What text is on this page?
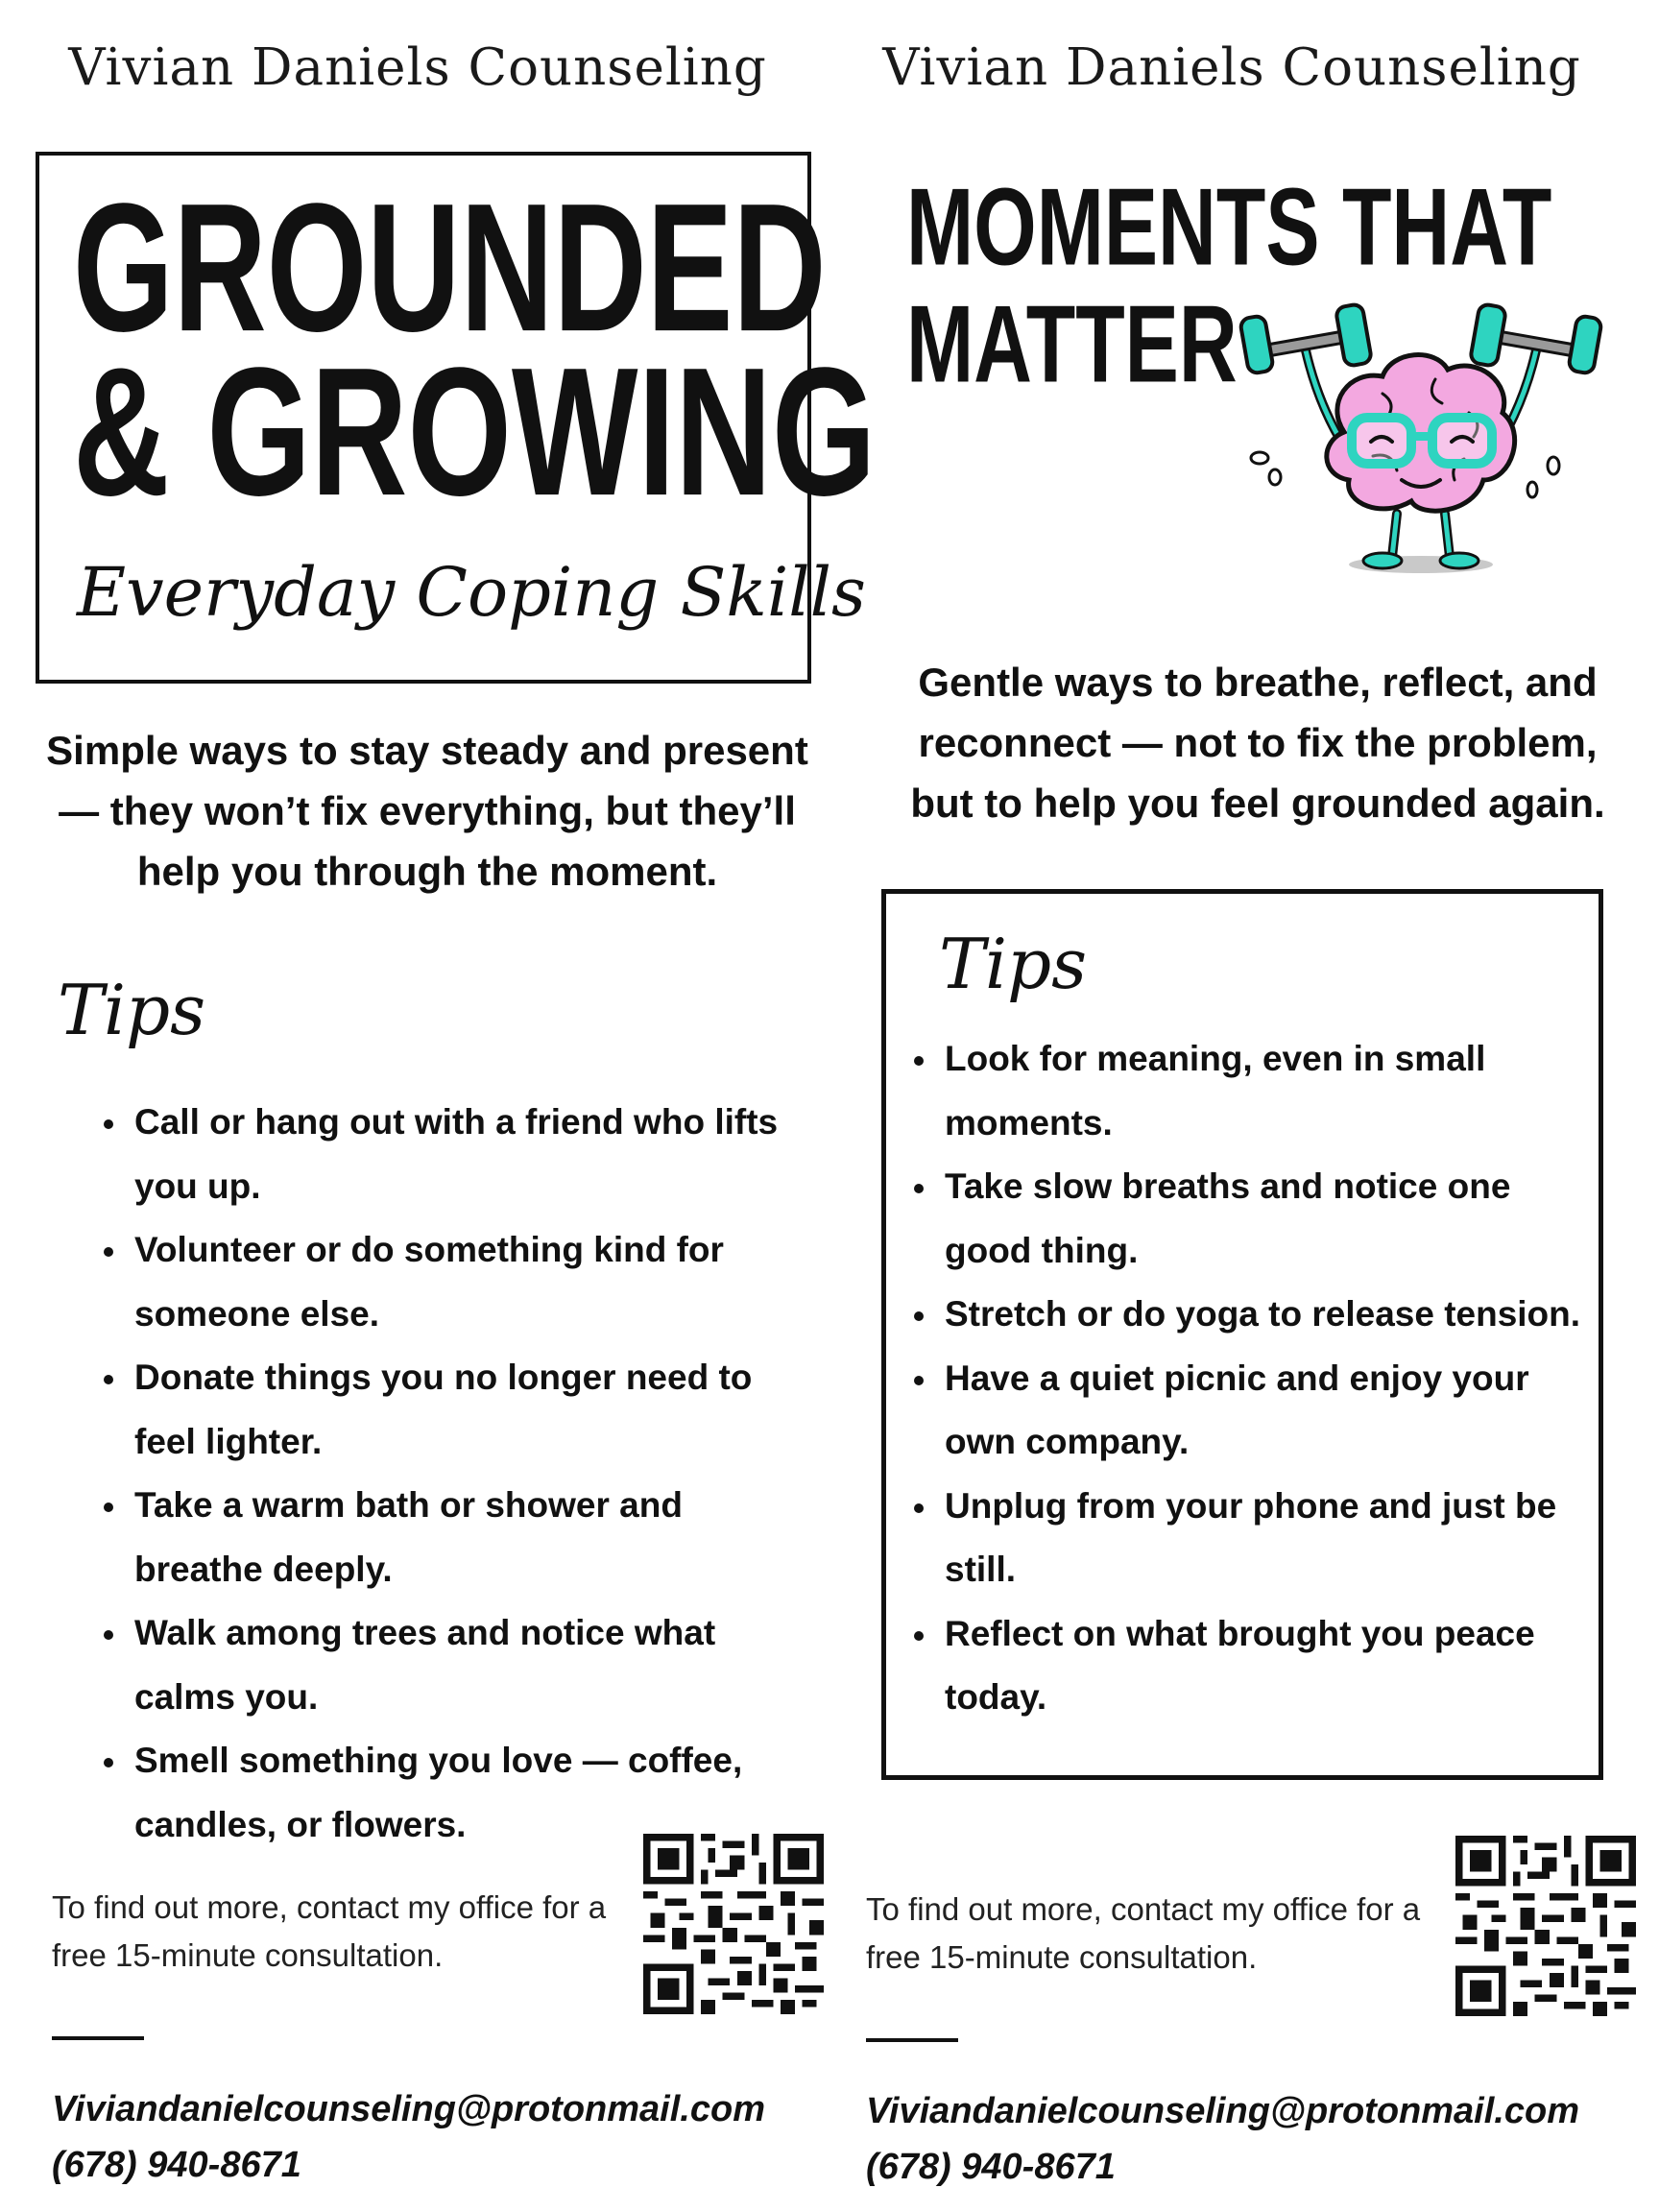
Vivian Daniels Counseling
GROUNDED
& GROWING
Everyday Coping Skills
Simple ways to stay steady and present — they won’t fix everything, but they’ll help you through the moment.
Tips
Call or hang out with a friend who lifts you up.
Volunteer or do something kind for someone else.
Donate things you no longer need to feel lighter.
Take a warm bath or shower and breathe deeply.
Walk among trees and notice what calms you.
Smell something you love — coffee, candles, or flowers.
To find out more, contact my office for a free 15-minute consultation.
Viviandanielcounseling@protonmail.com
(678) 940-8671
Vivian Daniels Counseling
MOMENTS THAT
MATTER
Gentle ways to breathe, reflect, and reconnect — not to fix the problem, but to help you feel grounded again.
Tips
Look for meaning, even in small moments.
Take slow breaths and notice one good thing.
Stretch or do yoga to release tension.
Have a quiet picnic and enjoy your own company.
Unplug from your phone and just be still.
Reflect on what brought you peace today.
To find out more, contact my office for a free 15-minute consultation.
Viviandanielcounseling@protonmail.com
(678) 940-8671
